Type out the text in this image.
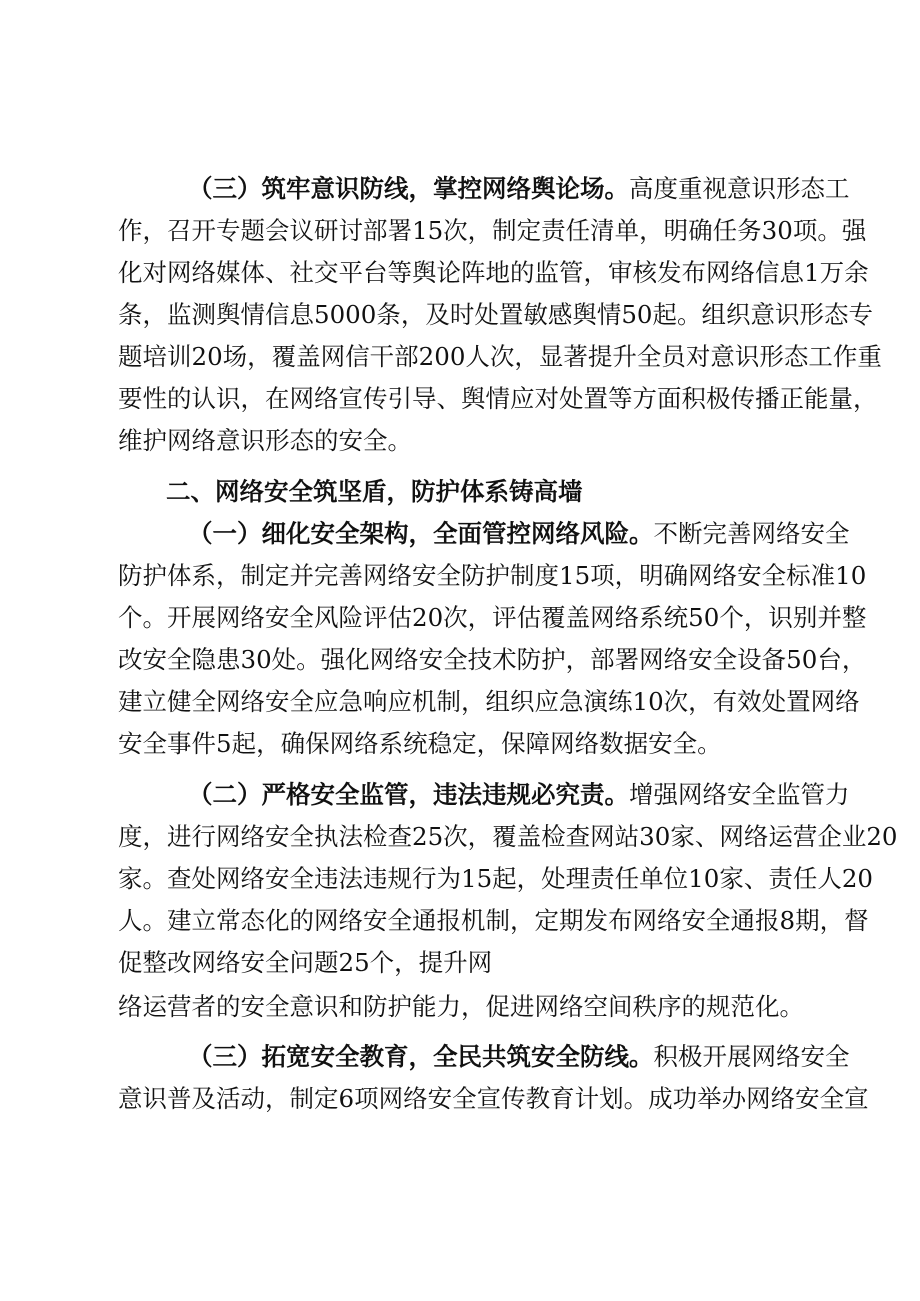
（三）筑牢意识防线，掌控网络舆论场。高度重视意识形态工
作，召开专题会议研讨部署15次，制定责任清单，明确任务30项。强
化对网络媒体、社交平台等舆论阵地的监管，审核发布网络信息1万余
条，监测舆情信息5000条，及时处置敏感舆情50起。组织意识形态专
题培训20场，覆盖网信干部200人次，显著提升全员对意识形态工作重
要性的认识，在网络宣传引导、舆情应对处置等方面积极传播正能量，
维护网络意识形态的安全。
二、网络安全筑坚盾，防护体系铸高墙
（一）细化安全架构，全面管控网络风险。不断完善网络安全
防护体系，制定并完善网络安全防护制度15项，明确网络安全标准10
个。开展网络安全风险评估20次，评估覆盖网络系统50个，识别并整
改安全隐患30处。强化网络安全技术防护，部署网络安全设备50台，
建立健全网络安全应急响应机制，组织应急演练10次，有效处置网络
安全事件5起，确保网络系统稳定，保障网络数据安全。
（二）严格安全监管，违法违规必究责。增强网络安全监管力
度，进行网络安全执法检查25次，覆盖检查网站30家、网络运营企业20
家。查处网络安全违法违规行为15起，处理责任单位10家、责任人20
人。建立常态化的网络安全通报机制，定期发布网络安全通报8期，督
促整改网络安全问题25个，提升网
络运营者的安全意识和防护能力，促进网络空间秩序的规范化。
（三）拓宽安全教育，全民共筑安全防线。积极开展网络安全
意识普及活动，制定6项网络安全宣传教育计划。成功举办网络安全宣
